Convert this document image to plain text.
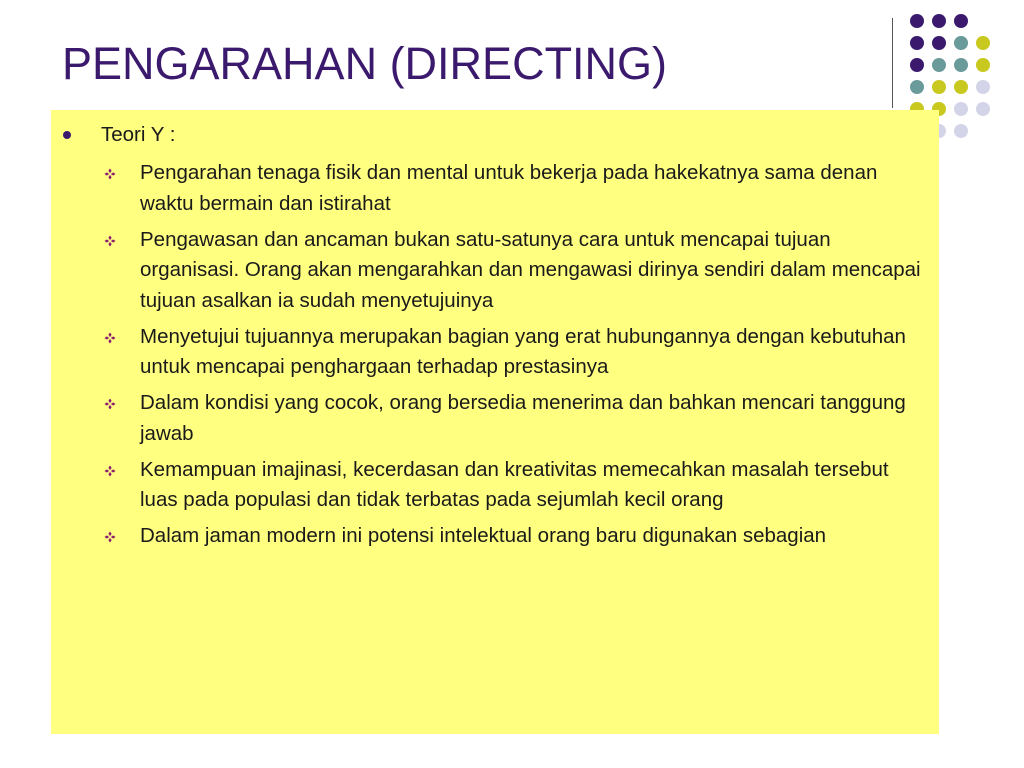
PENGARAHAN (DIRECTING)
Teori Y :
Pengarahan tenaga fisik dan mental untuk bekerja pada hakekatnya sama denan waktu bermain dan istirahat
Pengawasan dan ancaman bukan satu-satunya cara untuk mencapai tujuan organisasi. Orang akan mengarahkan dan mengawasi dirinya sendiri dalam mencapai tujuan asalkan ia sudah menyetujuinya
Menyetujui tujuannya merupakan bagian yang erat hubungannya dengan kebutuhan untuk mencapai penghargaan terhadap prestasinya
Dalam kondisi yang cocok, orang bersedia menerima dan bahkan mencari tanggung jawab
Kemampuan imajinasi, kecerdasan dan kreativitas memecahkan masalah tersebut luas pada populasi dan tidak terbatas pada sejumlah kecil orang
Dalam jaman modern ini potensi intelektual orang baru digunakan sebagian
